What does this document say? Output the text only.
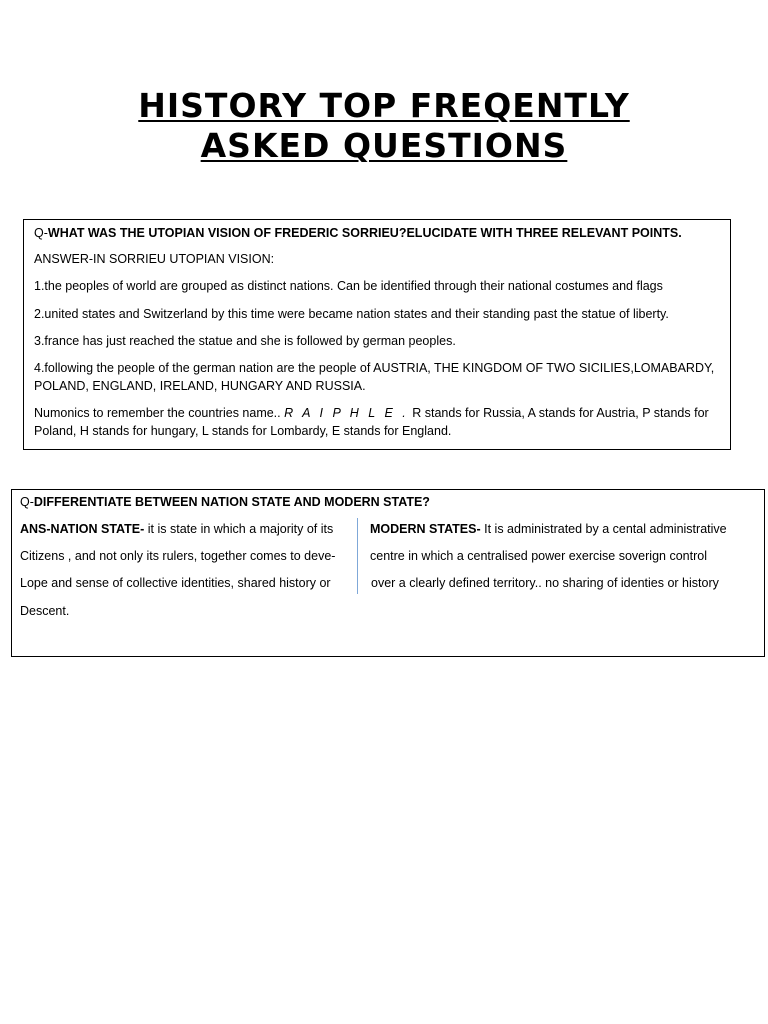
HISTORY TOP FREQENTLY
ASKED QUESTIONS

Q-WHAT WAS THE UTOPIAN VISION OF FREDERIC SORRIEU?ELUCIDATE WITH THREE RELEVANT POINTS.

ANSWER-IN SORRIEU UTOPIAN VISION:

1.the peoples of world are grouped as distinct nations. Can be identified through their national costumes and flags

2.united states and Switzerland by this time were became nation states and their standing past the statue of liberty.

3.france has just reached the statue and she is followed by german peoples.

4.following the people of the german nation are the people of AUSTRIA, THE KINGDOM OF TWO SICILIES,LOMABARDY, POLAND, ENGLAND, IRELAND, HUNGARY AND RUSSIA.

Numonics to remember the countries name.. R A I P H L E . R stands for Russia, A stands for Austria, P stands for Poland, H stands for hungary, L stands for Lombardy, E stands for England.

Q-DIFFERENTIATE BETWEEN NATION STATE AND MODERN STATE?
ANS-NATION STATE- it is state in which a majority of its
Citizens , and not only its rulers, together comes to deve-
Lope and sense of collective identities, shared history or
Descent.
MODERN STATES- It is administrated by a cental administrative
centre in which a centralised power exercise soverign control
over a clearly defined territory.. no sharing of identies or history
